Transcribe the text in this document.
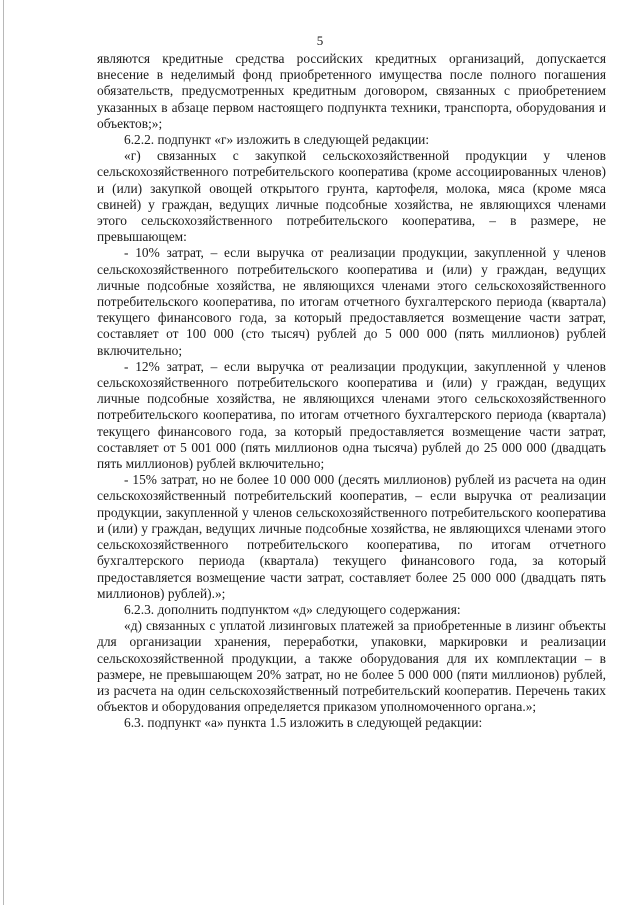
5

являются кредитные средства российских кредитных организаций, допускается внесение в неделимый фонд приобретенного имущества после полного погашения обязательств, предусмотренных кредитным договором, связанных с приобретением указанных в абзаце первом настоящего подпункта техники, транспорта, оборудования и объектов;»;

6.2.2. подпункт «г» изложить в следующей редакции:

«г) связанных с закупкой сельскохозяйственной продукции у членов сельскохозяйственного потребительского кооператива (кроме ассоциированных членов) и (или) закупкой овощей открытого грунта, картофеля, молока, мяса (кроме мяса свиней) у граждан, ведущих личные подсобные хозяйства, не являющихся членами этого сельскохозяйственного потребительского кооператива, – в размере, не превышающем:

- 10% затрат, – если выручка от реализации продукции, закупленной у членов сельскохозяйственного потребительского кооператива и (или) у граждан, ведущих личные подсобные хозяйства, не являющихся членами этого сельскохозяйственного потребительского кооператива, по итогам отчетного бухгалтерского периода (квартала) текущего финансового года, за который предоставляется возмещение части затрат, составляет от 100 000 (сто тысяч) рублей до 5 000 000 (пять миллионов) рублей включительно;

- 12% затрат, – если выручка от реализации продукции, закупленной у членов сельскохозяйственного потребительского кооператива и (или) у граждан, ведущих личные подсобные хозяйства, не являющихся членами этого сельскохозяйственного потребительского кооператива, по итогам отчетного бухгалтерского периода (квартала) текущего финансового года, за который предоставляется возмещение части затрат, составляет от 5 001 000 (пять миллионов одна тысяча) рублей до 25 000 000 (двадцать пять миллионов) рублей включительно;

- 15% затрат, но не более 10 000 000 (десять миллионов) рублей из расчета на один сельскохозяйственный потребительский кооператив, – если выручка от реализации продукции, закупленной у членов сельскохозяйственного потребительского кооператива и (или) у граждан, ведущих личные подсобные хозяйства, не являющихся членами этого сельскохозяйственного потребительского кооператива, по итогам отчетного бухгалтерского периода (квартала) текущего финансового года, за который предоставляется возмещение части затрат, составляет более 25 000 000 (двадцать пять миллионов) рублей).»;

6.2.3. дополнить подпунктом «д» следующего содержания:

«д) связанных с уплатой лизинговых платежей за приобретенные в лизинг объекты для организации хранения, переработки, упаковки, маркировки и реализации сельскохозяйственной продукции, а также оборудования для их комплектации – в размере, не превышающем 20% затрат, но не более 5 000 000 (пяти миллионов) рублей, из расчета на один сельскохозяйственный потребительский кооператив. Перечень таких объектов и оборудования определяется приказом уполномоченного органа.»;

6.3. подпункт «а» пункта 1.5 изложить в следующей редакции:
